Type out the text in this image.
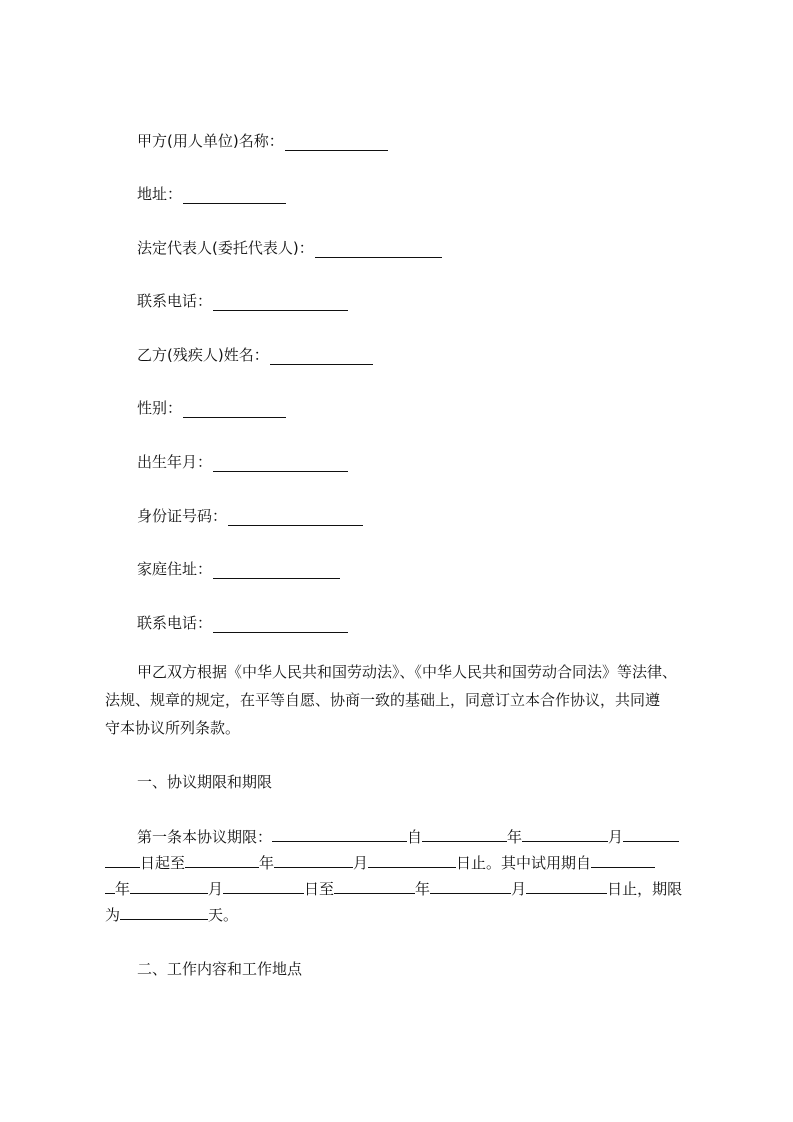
甲方(用人单位)名称：
地址：
法定代表人(委托代表人)：
联系电话：
乙方(残疾人)姓名：
性别：
出生年月：
身份证号码：
家庭住址：
联系电话：
甲乙双方根据《中华人民共和国劳动法》、《中华人民共和国劳动合同法》等法律、
法规、规章的规定，在平等自愿、协商一致的基础上，同意订立本合作协议，共同遵
守本协议所列条款。
一、协议期限和期限
第一条本协议期限：	自	年	月
日起至	年	月	日止。其中试用期自
年	月	日至	年	月	日止，期限
为	天。
二、工作内容和工作地点
